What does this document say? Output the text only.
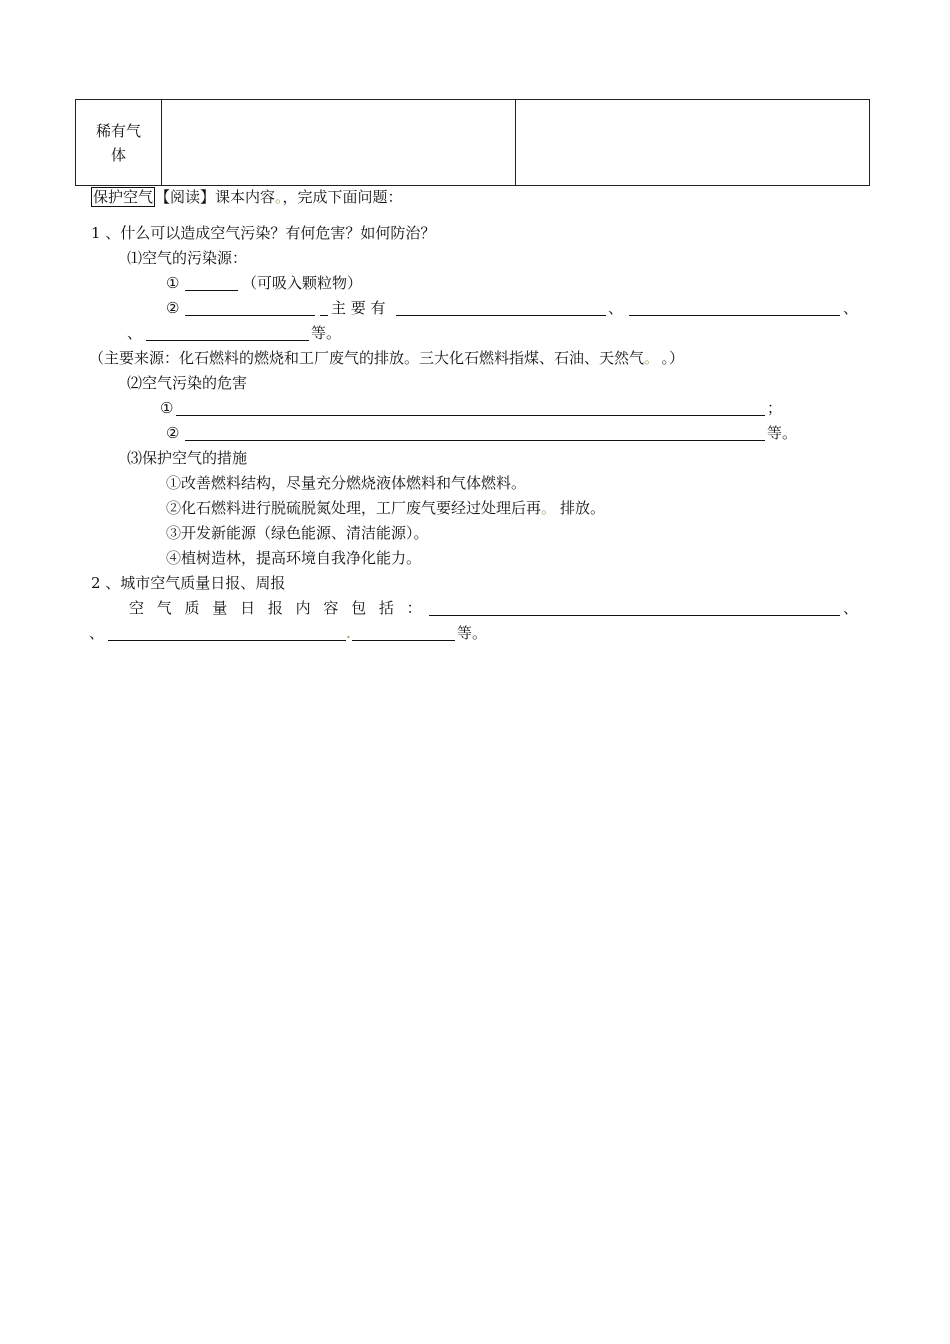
稀有气
体

保护空气 【阅读】课本内容。，完成下面问题：
1 、什么可以造成空气污染？有何危害？如何防治？
⑴空气的污染源：
①	（可吸入颗粒物）
②	主 要 有	、	、
、	等。
（主要来源：化石燃料的燃烧和工厂废气的排放。三大化石燃料指煤、石油、天然气。 。）
⑵空气污染的危害
①	；
②	等。
⑶保护空气的措施
①改善燃料结构，尽量充分燃烧液体燃料和气体燃料。
②化石燃料进行脱硫脱氮处理，工厂废气要经过处理后再。 排放。
③开发新能源（绿色能源、清洁能源）。
④植树造林，提高环境自我净化能力。
2 、城市空气质量日报、周报
空 气 质 量 日 报 内 容 包 括 ：	、
、	.	等。
